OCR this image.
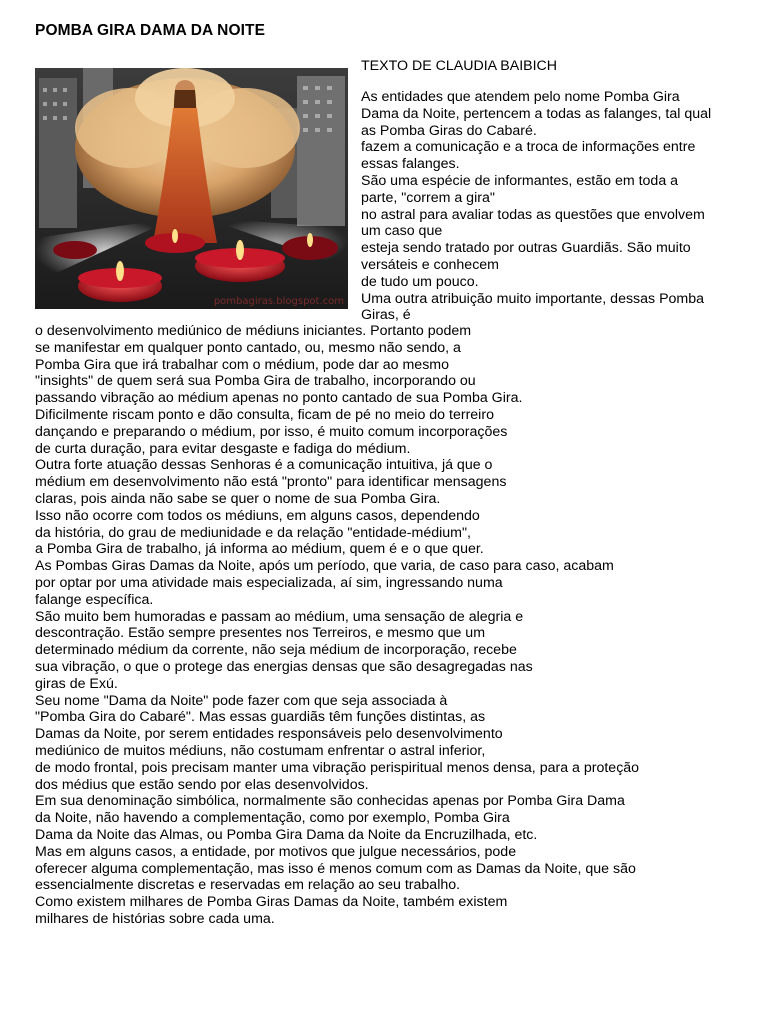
POMBA GIRA DAMA DA NOITE
pombagiras.blogspot.com
TEXTO DE CLAUDIA BAIBICH
As entidades que atendem pelo nome Pomba Gira
Dama da Noite, pertencem a todas as falanges, tal qual
as Pomba Giras do Cabaré.
fazem a comunicação e a troca de informações entre
essas falanges.
São uma espécie de informantes, estão em toda a
parte, "correm a gira"
no astral para avaliar todas as questões que envolvem
um caso que
esteja sendo tratado por outras Guardiãs. São muito
versáteis e conhecem
de tudo um pouco.
Uma outra atribuição muito importante, dessas Pomba
Giras, é
o desenvolvimento mediúnico de médiuns iniciantes. Portanto podem
se manifestar em qualquer ponto cantado, ou, mesmo não sendo, a
Pomba Gira que irá trabalhar com o médium, pode dar ao mesmo
"insights" de quem será sua Pomba Gira de trabalho, incorporando ou
passando vibração ao médium apenas no ponto cantado de sua Pomba Gira.
Dificilmente riscam ponto e dão consulta, ficam de pé no meio do terreiro
dançando e preparando o médium, por isso, é muito comum incorporações
de curta duração, para evitar desgaste e fadiga do médium.
Outra forte atuação dessas Senhoras é a comunicação intuitiva, já que o
médium em desenvolvimento não está "pronto" para identificar mensagens
claras, pois ainda não sabe se quer o nome de sua Pomba Gira.
Isso não ocorre com todos os médiuns, em alguns casos, dependendo
da história, do grau de mediunidade e da relação "entidade-médium",
a Pomba Gira de trabalho, já informa ao médium, quem é e o que quer.
As Pombas Giras Damas da Noite, após um período, que varia, de caso para caso, acabam
por optar por uma atividade mais especializada, aí sim, ingressando numa
falange específica.
São muito bem humoradas e passam ao médium, uma sensação de alegria e
descontração. Estão sempre presentes nos Terreiros, e mesmo que um
determinado médium da corrente, não seja médium de incorporação, recebe
sua vibração, o que o protege das energias densas que são desagregadas nas
giras de Exú.
Seu nome "Dama da Noite" pode fazer com que seja associada à
"Pomba Gira do Cabaré". Mas essas guardiãs têm funções distintas, as
Damas da Noite, por serem entidades responsáveis pelo desenvolvimento
mediúnico de muitos médiuns, não costumam enfrentar o astral inferior,
de modo frontal, pois precisam manter uma vibração perispiritual menos densa, para a proteção
dos médius que estão sendo por elas desenvolvidos.
Em sua denominação simbólica, normalmente são conhecidas apenas por Pomba Gira Dama
da Noite, não havendo a complementação, como por exemplo, Pomba Gira
Dama da Noite das Almas, ou Pomba Gira Dama da Noite da Encruzilhada, etc.
Mas em alguns casos, a entidade, por motivos que julgue necessários, pode
oferecer alguma complementação, mas isso é menos comum com as Damas da Noite, que são
essencialmente discretas e reservadas em relação ao seu trabalho.
Como existem milhares de Pomba Giras Damas da Noite, também existem
milhares de histórias sobre cada uma.
